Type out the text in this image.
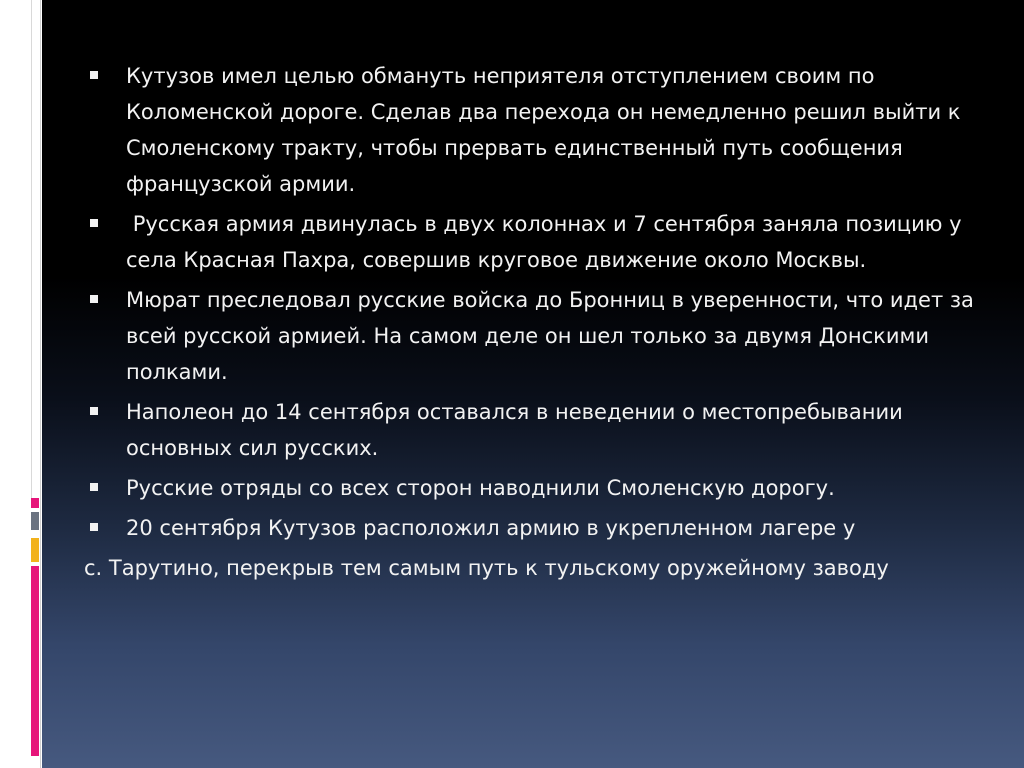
Кутузов имел целью обмануть неприятеля отступлением своим по Коломенской дороге. Сделав два перехода он немедленно решил выйти к Смоленскому тракту, чтобы прервать единственный путь сообщения французской армии.
Русская армия двинулась в двух колоннах и 7 сентября заняла позицию у села Красная Пахра, совершив круговое движение около Москвы.
Мюрат преследовал русские войска до Бронниц в уверенности, что идет за всей русской армией. На самом деле он шел только за двумя Донскими полками.
Наполеон до 14 сентября оставался в неведении о местопребывании основных сил русских.
Русские отряды со всех сторон наводнили Смоленскую дорогу.
20 сентября Кутузов расположил армию в укрепленном лагере у
с. Тарутино, перекрыв тем самым путь к тульскому оружейному заводу
